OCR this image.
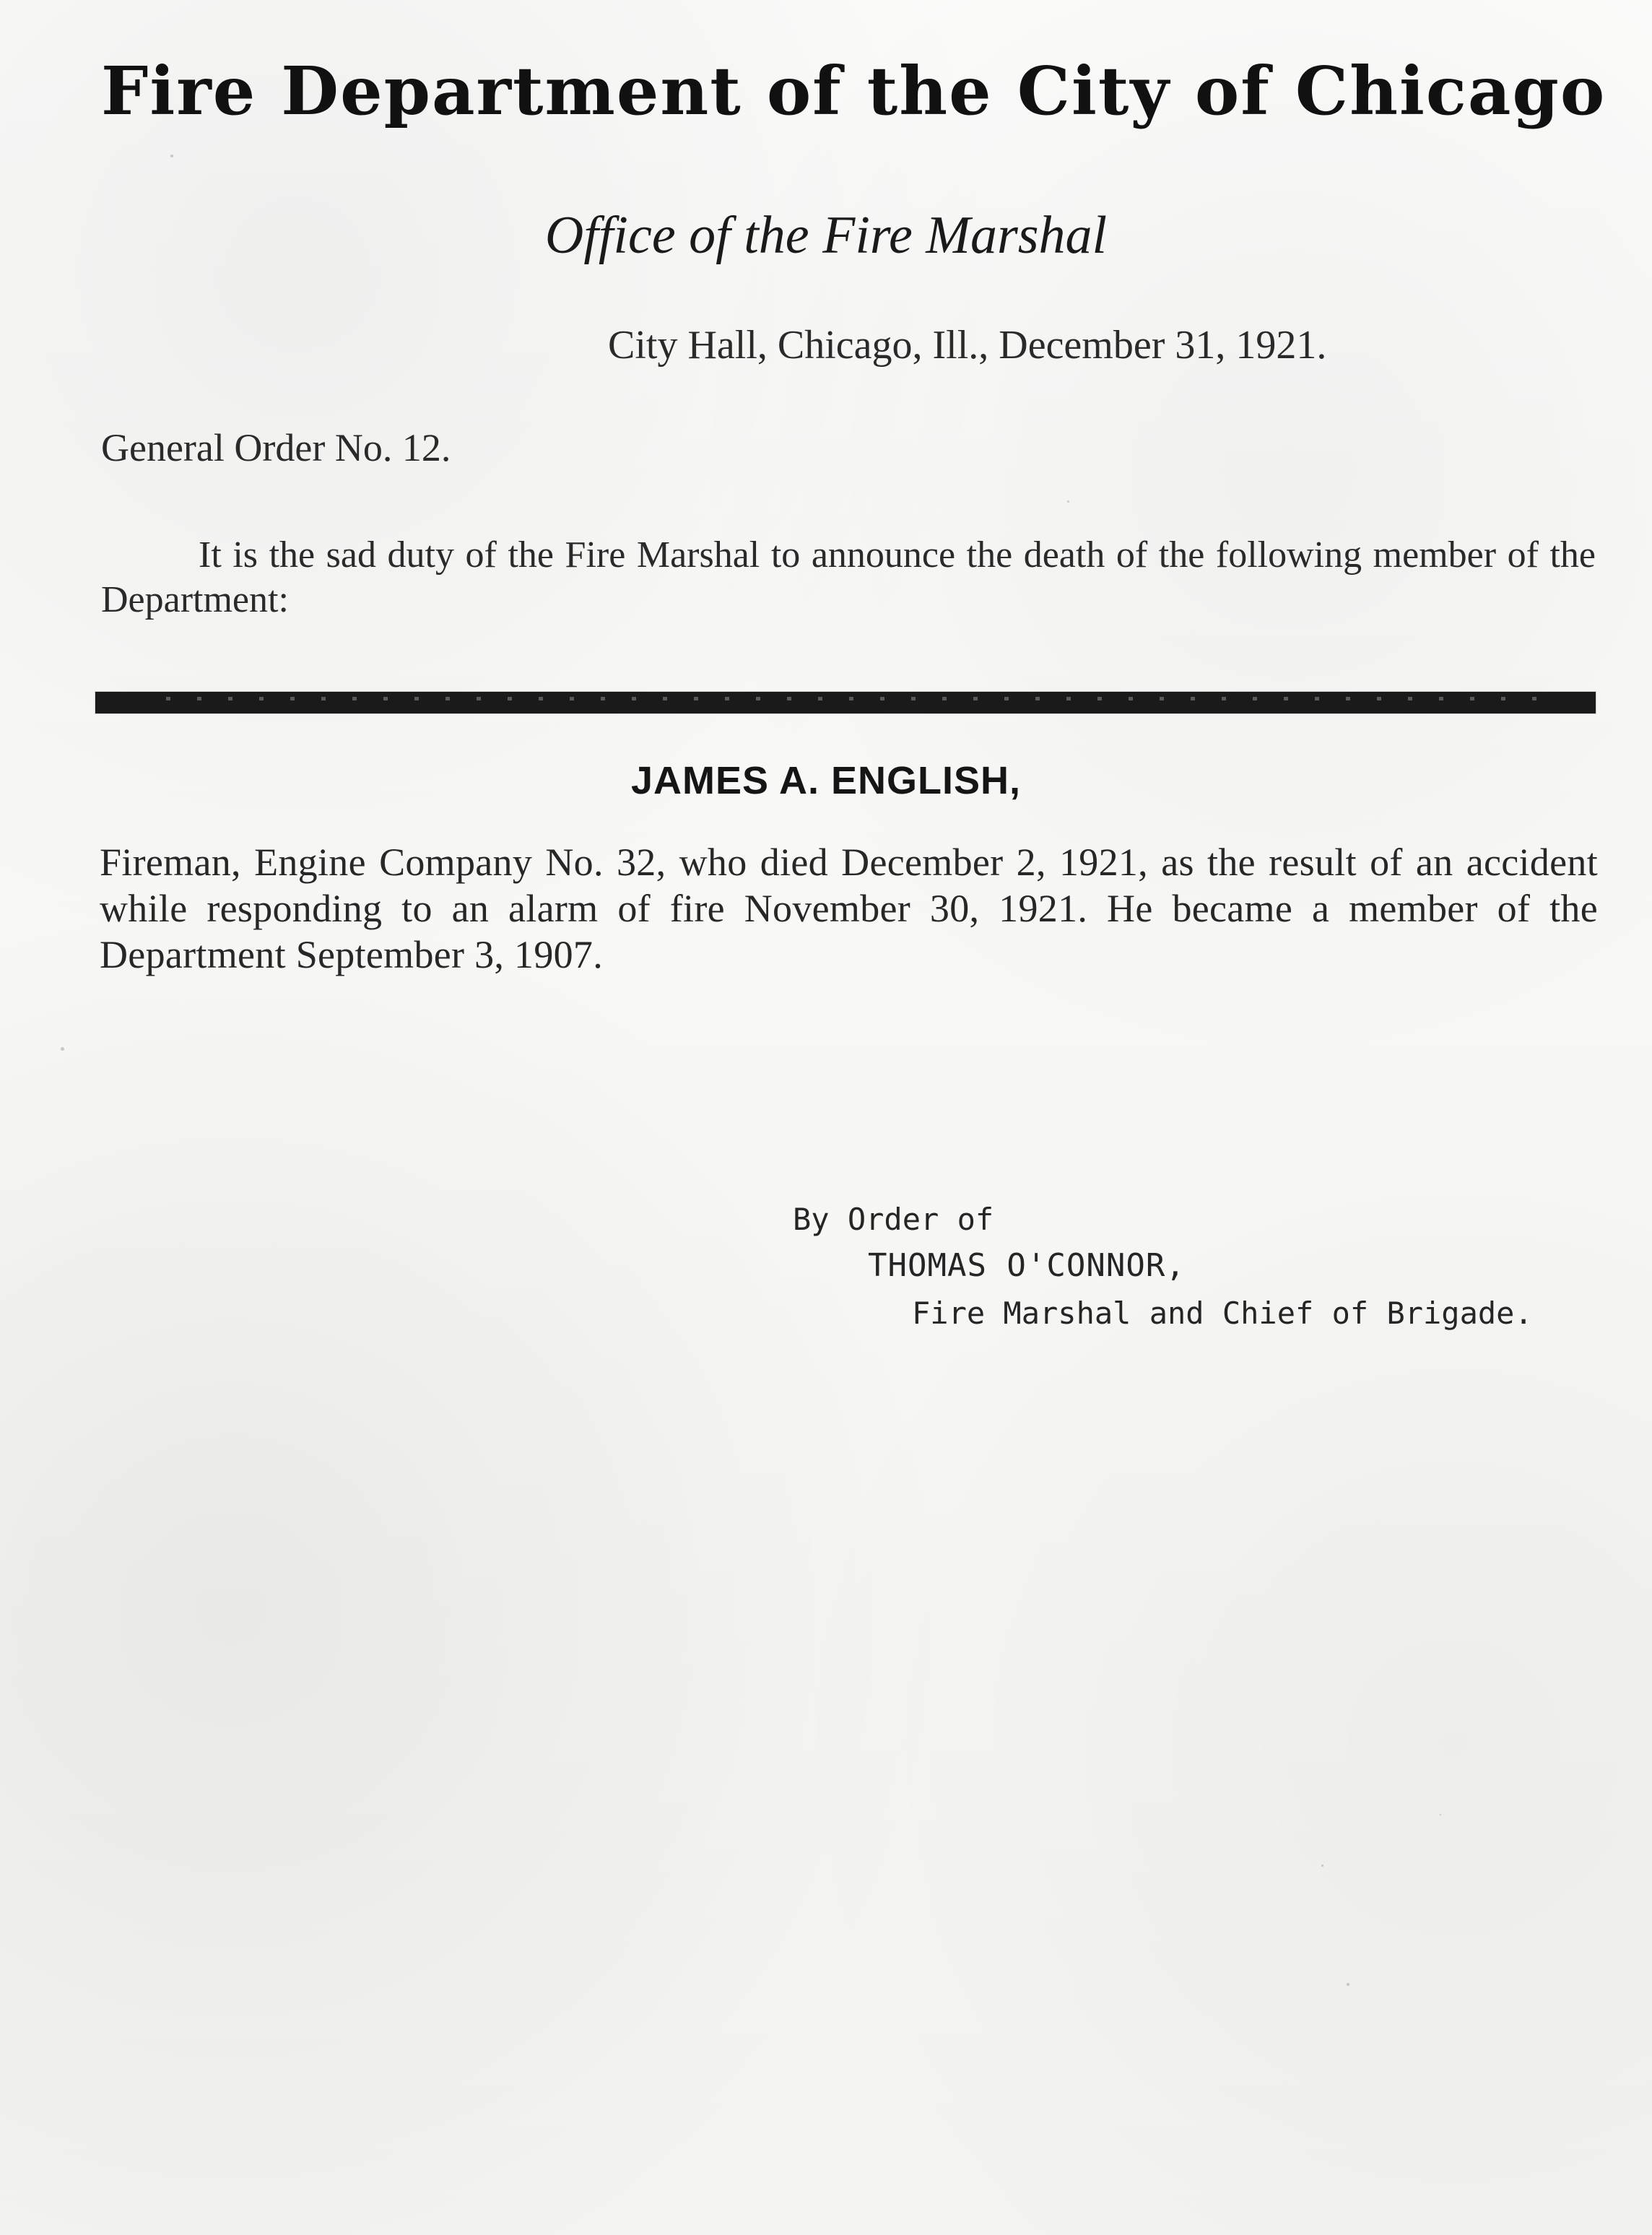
Fire Department of the City of Chicago
Office of the Fire Marshal
City Hall, Chicago, Ill., December 31, 1921.
General Order No. 12.
It is the sad duty of the Fire Marshal to announce the death of the following member of the Department:
JAMES A. ENGLISH,
Fireman, Engine Company No. 32, who died December 2, 1921, as the result of an accident while responding to an alarm of fire November 30, 1921. He became a member of the Department September 3, 1907.
By Order of
THOMAS O'CONNOR,
Fire Marshal and Chief of Brigade.
